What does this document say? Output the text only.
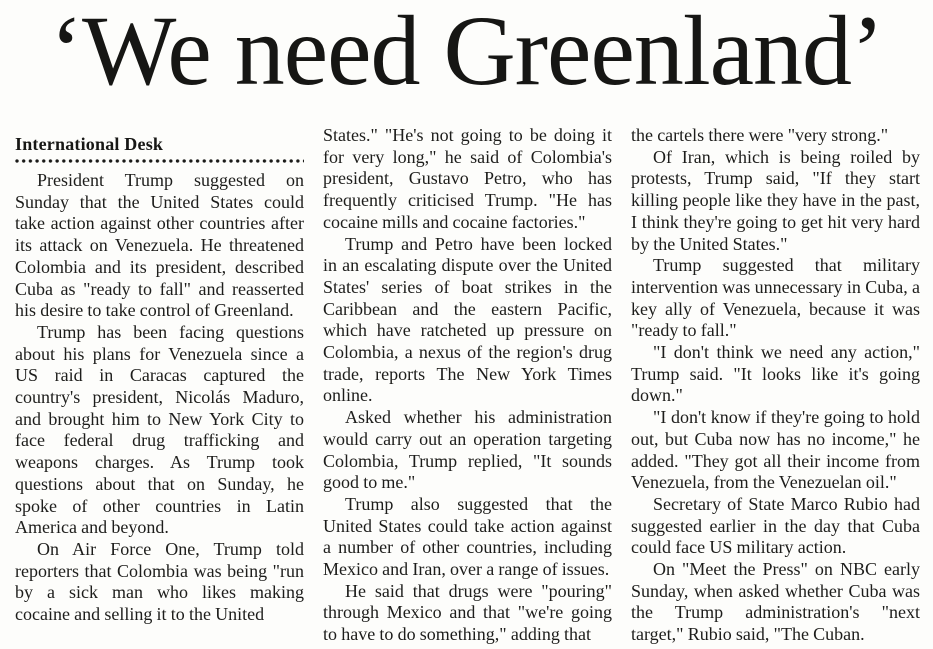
‘We need Greenland’
International Desk

President Trump suggested on Sunday that the United States could take action against other countries after its attack on Venezuela. He threatened Colombia and its president, described Cuba as "ready to fall" and reasserted his desire to take control of Greenland.

Trump has been facing questions about his plans for Venezuela since a US raid in Caracas captured the country's president, Nicolás Maduro, and brought him to New York City to face federal drug trafficking and weapons charges. As Trump took questions about that on Sunday, he spoke of other countries in Latin America and beyond.

On Air Force One, Trump told reporters that Colombia was being "run by a sick man who likes making cocaine and selling it to the United

States." "He's not going to be doing it for very long," he said of Colombia's president, Gustavo Petro, who has frequently criticised Trump. "He has cocaine mills and cocaine factories."

Trump and Petro have been locked in an escalating dispute over the United States' series of boat strikes in the Caribbean and the eastern Pacific, which have ratcheted up pressure on Colombia, a nexus of the region's drug trade, reports The New York Times online.

Asked whether his administration would carry out an operation targeting Colombia, Trump replied, "It sounds good to me."

Trump also suggested that the United States could take action against a number of other countries, including Mexico and Iran, over a range of issues.

He said that drugs were "pouring" through Mexico and that "we're going to have to do something," adding that

the cartels there were "very strong."

Of Iran, which is being roiled by protests, Trump said, "If they start killing people like they have in the past, I think they're going to get hit very hard by the United States."

Trump suggested that military intervention was unnecessary in Cuba, a key ally of Venezuela, because it was "ready to fall."

"I don't think we need any action," Trump said. "It looks like it's going down."

"I don't know if they're going to hold out, but Cuba now has no income," he added. "They got all their income from Venezuela, from the Venezuelan oil."

Secretary of State Marco Rubio had suggested earlier in the day that Cuba could face US military action.

On "Meet the Press" on NBC early Sunday, when asked whether Cuba was the Trump administration's "next target," Rubio said, "The Cuban.
